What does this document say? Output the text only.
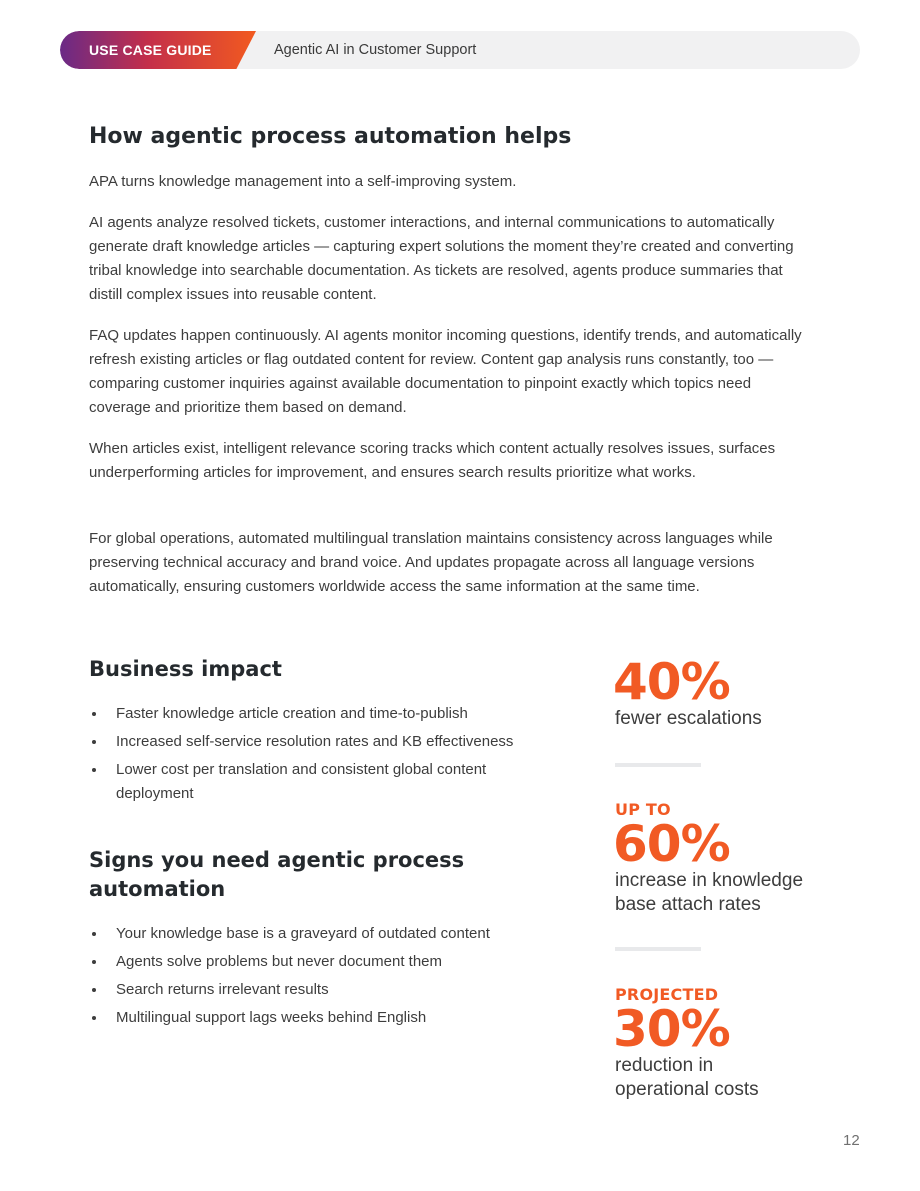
USE CASE GUIDE	Agentic AI in Customer Support
How agentic process automation helps

APA turns knowledge management into a self-improving system.

AI agents analyze resolved tickets, customer interactions, and internal communications to automatically generate draft knowledge articles — capturing expert solutions the moment they’re created and converting tribal knowledge into searchable documentation. As tickets are resolved, agents produce summaries that distill complex issues into reusable content.

FAQ updates happen continuously. AI agents monitor incoming questions, identify trends, and automatically refresh existing articles or flag outdated content for review. Content gap analysis runs constantly, too — comparing customer inquiries against available documentation to pinpoint exactly which topics need coverage and prioritize them based on demand.

When articles exist, intelligent relevance scoring tracks which content actually resolves issues, surfaces underperforming articles for improvement, and ensures search results prioritize what works.

For global operations, automated multilingual translation maintains consistency across languages while preserving technical accuracy and brand voice. And updates propagate across all language versions automatically, ensuring customers worldwide access the same information at the same time.

Business impact
Faster knowledge article creation and time-to-publish
Increased self-service resolution rates and KB effectiveness
Lower cost per translation and consistent global content deployment
Signs you need agentic process automation
Your knowledge base is a graveyard of outdated content
Agents solve problems but never document them
Search returns irrelevant results
Multilingual support lags weeks behind English
40%
fewer escalations
UP TO
60%
increase in knowledge base attach rates
PROJECTED
30%
reduction in operational costs
12
